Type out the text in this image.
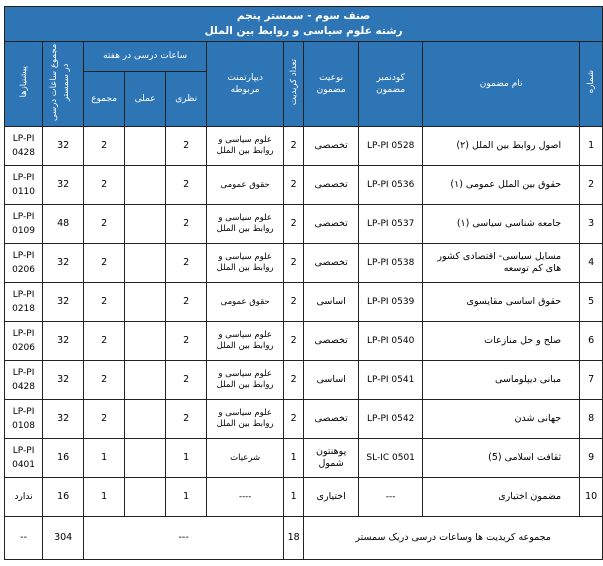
صنف سوم - سمستر پنجم
رشته علوم سیاسی و روابط بین الملل										

شماره	نام مضمون	کودنمبر مضمون	نوعیت مضمون	تعداد کریدیت	دیپارتمنت مربوطه	ساعات درسی در هفته			مجموع ساعات درسی در سمستر	پیشنیازها
						نظری	عملی	مجموع		
1	اصول روابط بین الملل (۲)	LP-PI 0528	تخصصی	2	علوم سیاسی و روابط بین الملل	2		2	32	LP-PI 0428
2	حقوق بین الملل عمومی (۱)	LP-PI 0536	تخصصی	2	حقوق عمومی	2		2	32	LP-PI 0110
3	جامعه شناسی سیاسی (۱)	LP-PI 0537	تخصصی	2	علوم سیاسی و روابط بین الملل	2		2	48	LP-PI 0109
4	مسایل سیاسی- اقتصادی کشور های کم توسعه	LP-PI 0538	تخصصی	2	علوم سیاسی و روابط بین الملل	2		2	32	LP-PI 0206
5	حقوق اساسی مقایسوی	LP-PI 0539	اساسی	2	حقوق عمومی	2		2	32	LP-PI 0218
6	صلح و حل منازعات	LP-PI 0540	تخصصی	2	علوم سیاسی و روابط بین الملل	2		2	32	LP-PI 0206
7	مبانی دیپلوماسی	LP-PI 0541	اساسی	2	علوم سیاسی و روابط بین الملل	2		2	32	LP-PI 0428
8	جهانی شدن	LP-PI 0542	تخصصی	2	علوم سیاسی و روابط بین الملل	2		2	32	LP-PI 0108
9	ثقافت اسلامی (5)	SL-IC 0501	پوهنتون شمول	1	شرعیات	1		1	16	LP-PI 0401
10	مضمون اختیاری	---	اختیاری	1	----	1		1	16	ندارد
مجموعه کریدیت ها وساعات درسی دریک سمستر				18	---				304	--
